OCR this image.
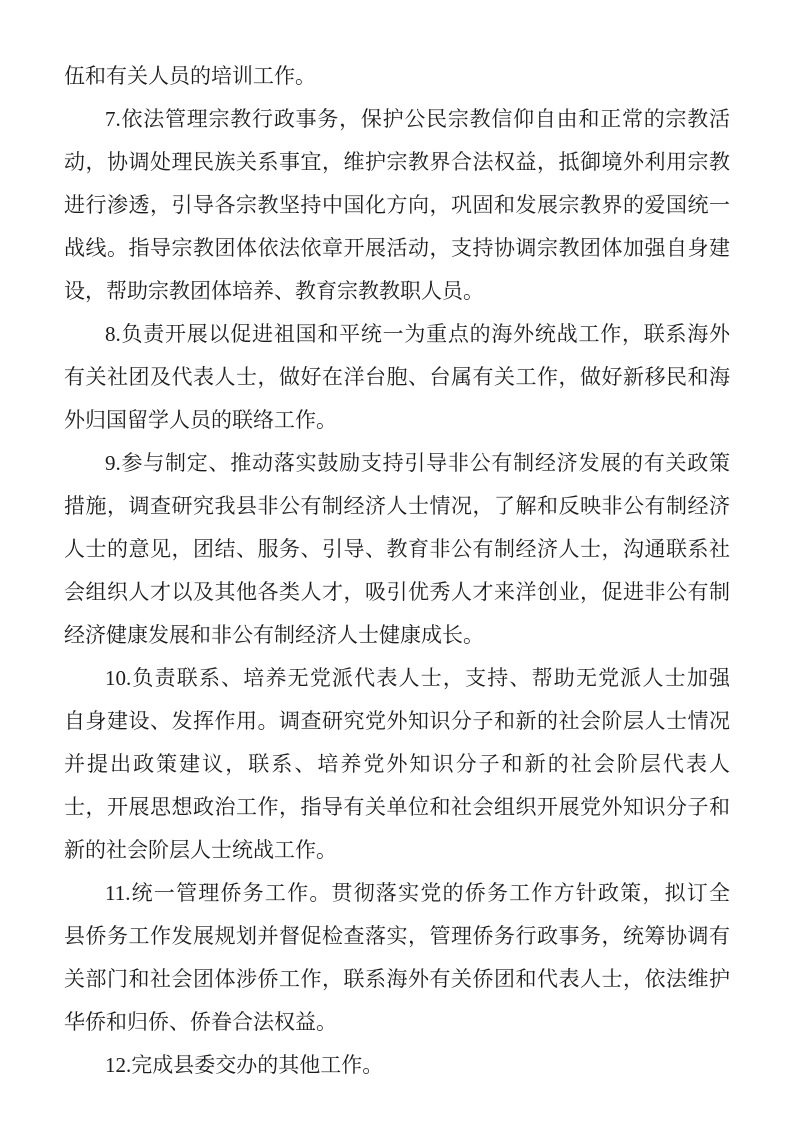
伍和有关人员的培训工作。
7.依法管理宗教行政事务，保护公民宗教信仰自由和正常的宗教活
动，协调处理民族关系事宜，维护宗教界合法权益，抵御境外利用宗教
进行渗透，引导各宗教坚持中国化方向，巩固和发展宗教界的爱国统一
战线。指导宗教团体依法依章开展活动，支持协调宗教团体加强自身建
设，帮助宗教团体培养、教育宗教教职人员。
8.负责开展以促进祖国和平统一为重点的海外统战工作，联系海外
有关社团及代表人士，做好在洋台胞、台属有关工作，做好新移民和海
外归国留学人员的联络工作。
9.参与制定、推动落实鼓励支持引导非公有制经济发展的有关政策
措施，调查研究我县非公有制经济人士情况，了解和反映非公有制经济
人士的意见，团结、服务、引导、教育非公有制经济人士，沟通联系社
会组织人才以及其他各类人才，吸引优秀人才来洋创业，促进非公有制
经济健康发展和非公有制经济人士健康成长。
10.负责联系、培养无党派代表人士，支持、帮助无党派人士加强
自身建设、发挥作用。调查研究党外知识分子和新的社会阶层人士情况
并提出政策建议，联系、培养党外知识分子和新的社会阶层代表人
士，开展思想政治工作，指导有关单位和社会组织开展党外知识分子和
新的社会阶层人士统战工作。
11.统一管理侨务工作。贯彻落实党的侨务工作方针政策，拟订全
县侨务工作发展规划并督促检查落实，管理侨务行政事务，统筹协调有
关部门和社会团体涉侨工作，联系海外有关侨团和代表人士，依法维护
华侨和归侨、侨眷合法权益。
12.完成县委交办的其他工作。
